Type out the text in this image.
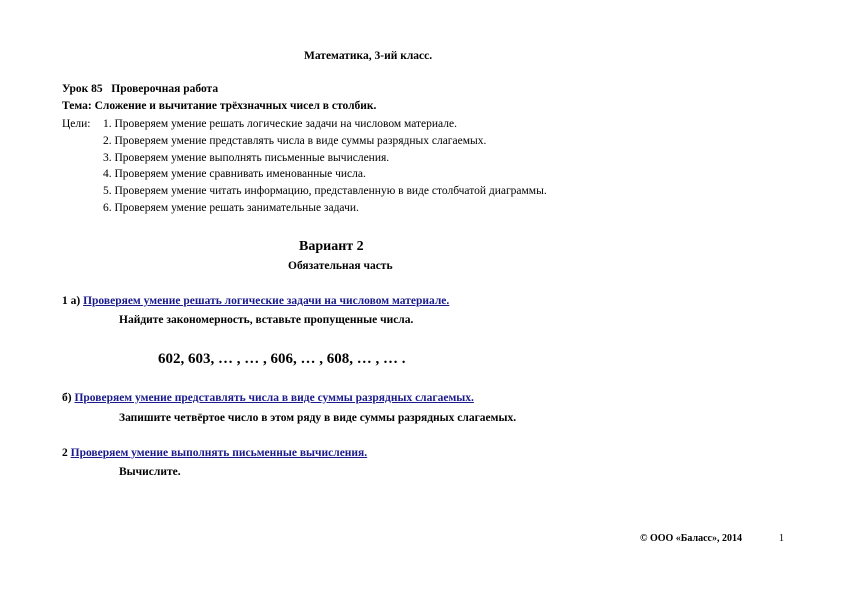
Математика, 3-ий класс.
Урок 85 Проверочная работа
Тема: Сложение и вычитание трёхзначных чисел в столбик.
Цели: 1. Проверяем умение решать логические задачи на числовом материале.
2. Проверяем умение представлять числа в виде суммы разрядных слагаемых.
3. Проверяем умение выполнять письменные вычисления.
4. Проверяем умение сравнивать именованные числа.
5. Проверяем умение читать информацию, представленную в виде столбчатой диаграммы.
6. Проверяем умение решать занимательные задачи.
Вариант 2
Обязательная часть
1 а) Проверяем умение решать логические задачи на числовом материале.
Найдите закономерность, вставьте пропущенные числа.
602, 603, … , … , 606, … , 608, … , … .
б) Проверяем умение представлять числа в виде суммы разрядных слагаемых.
Запишите четвёртое число в этом ряду в виде суммы разрядных слагаемых.
2 Проверяем умение выполнять письменные вычисления.
Вычислите.
© ООО «Баласс», 2014	1
